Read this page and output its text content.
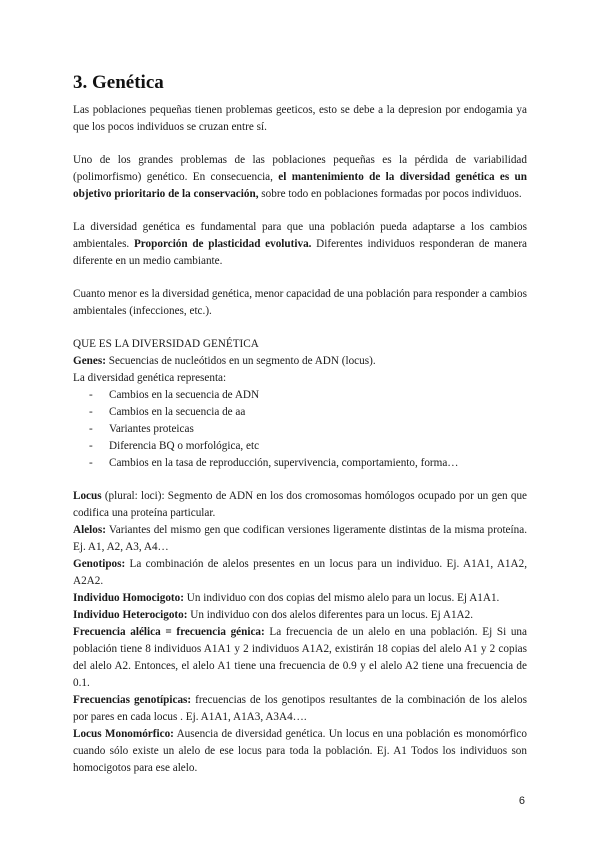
3. Genética

Las poblaciones pequeñas tienen problemas geeticos, esto se debe a la depresion por endogamia ya que los pocos individuos se cruzan entre sí.

Uno de los grandes problemas de las poblaciones pequeñas es la pérdida de variabilidad (polimorfismo) genético. En consecuencia, el mantenimiento de la diversidad genética es un objetivo prioritario de la conservación, sobre todo en poblaciones formadas por pocos individuos.

La diversidad genética es fundamental para que una población pueda adaptarse a los cambios ambientales. Proporción de plasticidad evolutiva. Diferentes individuos responderan de manera diferente en un medio cambiante.

Cuanto menor es la diversidad genética, menor capacidad de una población para responder a cambios ambientales (infecciones, etc.).

QUE ES LA DIVERSIDAD GENÉTICA

Genes: Secuencias de nucleótidos en un segmento de ADN (locus).

La diversidad genética representa:

- Cambios en la secuencia de ADN
- Cambios en la secuencia de aa
- Variantes proteicas
- Diferencia BQ o morfológica, etc
- Cambios en la tasa de reproducción, supervivencia, comportamiento, forma…

Locus (plural: loci): Segmento de ADN en los dos cromosomas homólogos ocupado por un gen que codifica una proteína particular.

Alelos: Variantes del mismo gen que codifican versiones ligeramente distintas de la misma proteína. Ej. A1, A2, A3, A4…

Genotipos: La combinación de alelos presentes en un locus para un individuo. Ej. A1A1, A1A2, A2A2.

Individuo Homocigoto: Un individuo con dos copias del mismo alelo para un locus. Ej A1A1.

Individuo Heterocigoto: Un individuo con dos alelos diferentes para un locus. Ej A1A2.

Frecuencia alélica = frecuencia génica: La frecuencia de un alelo en una población. Ej Si una población tiene 8 individuos A1A1 y 2 individuos A1A2, existirán 18 copias del alelo A1 y 2 copias del alelo A2. Entonces, el alelo A1 tiene una frecuencia de 0.9 y el alelo A2 tiene una frecuencia de 0.1.

Frecuencias genotípicas: frecuencias de los genotipos resultantes de la combinación de los alelos por pares en cada locus . Ej. A1A1, A1A3, A3A4….

Locus Monomórfico: Ausencia de diversidad genética. Un locus en una población es monomórfico cuando sólo existe un alelo de ese locus para toda la población. Ej. A1 Todos los individuos son homocigotos para ese alelo.

6
